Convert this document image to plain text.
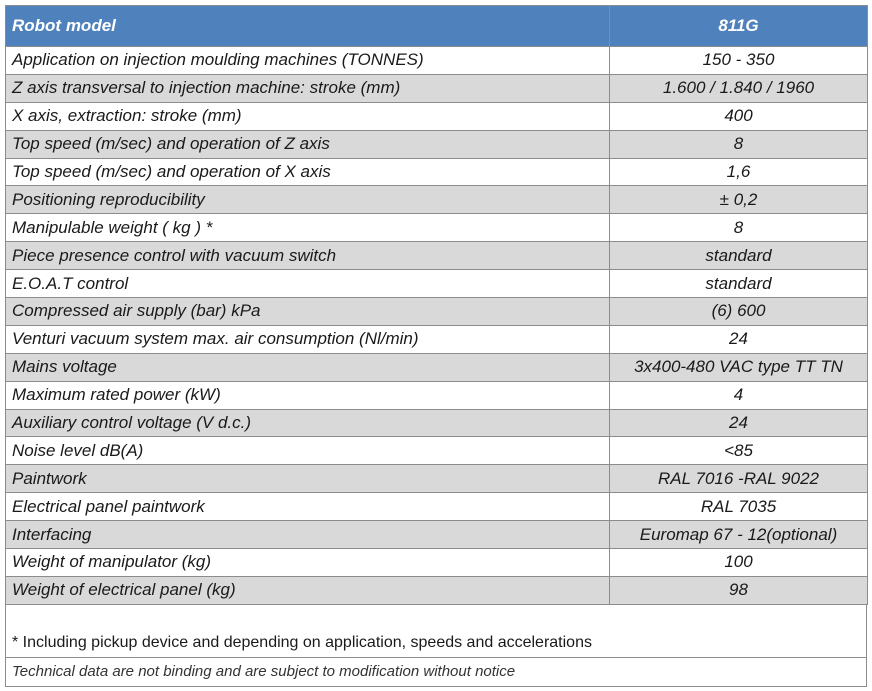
Robot model	811G
Application on injection moulding machines (TONNES)	150 - 350
Z axis transversal to injection machine: stroke (mm)	1.600 / 1.840 / 1960
X axis, extraction: stroke (mm)	400
Top speed (m/sec) and operation of Z axis	8
Top speed (m/sec) and operation of X axis	1,6
Positioning reproducibility	± 0,2
Manipulable weight ( kg ) *	8
Piece presence control with vacuum switch	standard
E.O.A.T control	standard
Compressed air supply (bar) kPa	(6) 600
Venturi vacuum system max. air consumption (Nl/min)	24
Mains voltage	3x400-480 VAC type TT TN
Maximum rated power (kW)	4
Auxiliary control voltage (V d.c.)	24
Noise level dB(A)	<85
Paintwork	RAL 7016 -RAL 9022
Electrical panel paintwork	RAL 7035
Interfacing	Euromap 67 - 12(optional)
Weight of manipulator (kg)	100
Weight of electrical panel (kg)	98
* Including pickup device and depending on application, speeds and accelerations
Technical data are not binding and are subject to modification without notice
